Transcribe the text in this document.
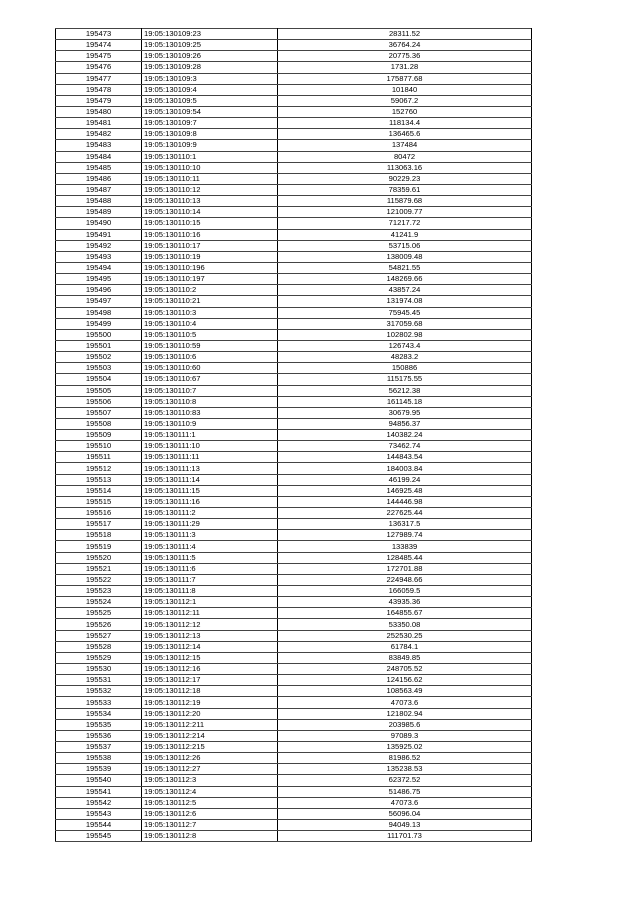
195473	19:05:130109:23	28311.52
195474	19:05:130109:25	36764.24
195475	19:05:130109:26	20775.36
195476	19:05:130109:28	1731.28
195477	19:05:130109:3	175877.68
195478	19:05:130109:4	101840
195479	19:05:130109:5	59067.2
195480	19:05:130109:54	152760
195481	19:05:130109:7	118134.4
195482	19:05:130109:8	136465.6
195483	19:05:130109:9	137484
195484	19:05:130110:1	80472
195485	19:05:130110:10	113063.16
195486	19:05:130110:11	90229.23
195487	19:05:130110:12	78359.61
195488	19:05:130110:13	115879.68
195489	19:05:130110:14	121009.77
195490	19:05:130110:15	71217.72
195491	19:05:130110:16	41241.9
195492	19:05:130110:17	53715.06
195493	19:05:130110:19	138009.48
195494	19:05:130110:196	54821.55
195495	19:05:130110:197	148269.66
195496	19:05:130110:2	43857.24
195497	19:05:130110:21	131974.08
195498	19:05:130110:3	75945.45
195499	19:05:130110:4	317059.68
195500	19:05:130110:5	102802.98
195501	19:05:130110:59	126743.4
195502	19:05:130110:6	48283.2
195503	19:05:130110:60	150886
195504	19:05:130110:67	115175.55
195505	19:05:130110:7	56212.38
195506	19:05:130110:8	161145.18
195507	19:05:130110:83	30679.95
195508	19:05:130110:9	94856.37
195509	19:05:130111:1	140382.24
195510	19:05:130111:10	73462.74
195511	19:05:130111:11	144843.54
195512	19:05:130111:13	184003.84
195513	19:05:130111:14	46199.24
195514	19:05:130111:15	146925.48
195515	19:05:130111:16	144446.98
195516	19:05:130111:2	227625.44
195517	19:05:130111:29	136317.5
195518	19:05:130111:3	127989.74
195519	19:05:130111:4	133839
195520	19:05:130111:5	128485.44
195521	19:05:130111:6	172701.88
195522	19:05:130111:7	224948.66
195523	19:05:130111:8	166059.5
195524	19:05:130112:1	43935.36
195525	19:05:130112:11	164855.67
195526	19:05:130112:12	53350.08
195527	19:05:130112:13	252530.25
195528	19:05:130112:14	61784.1
195529	19:05:130112:15	83849.85
195530	19:05:130112:16	248705.52
195531	19:05:130112:17	124156.62
195532	19:05:130112:18	108563.49
195533	19:05:130112:19	47073.6
195534	19:05:130112:20	121802.94
195535	19:05:130112:211	203985.6
195536	19:05:130112:214	97089.3
195537	19:05:130112:215	135925.02
195538	19:05:130112:26	81986.52
195539	19:05:130112:27	135238.53
195540	19:05:130112:3	62372.52
195541	19:05:130112:4	51486.75
195542	19:05:130112:5	47073.6
195543	19:05:130112:6	56096.04
195544	19:05:130112:7	94049.13
195545	19:05:130112:8	111701.73
